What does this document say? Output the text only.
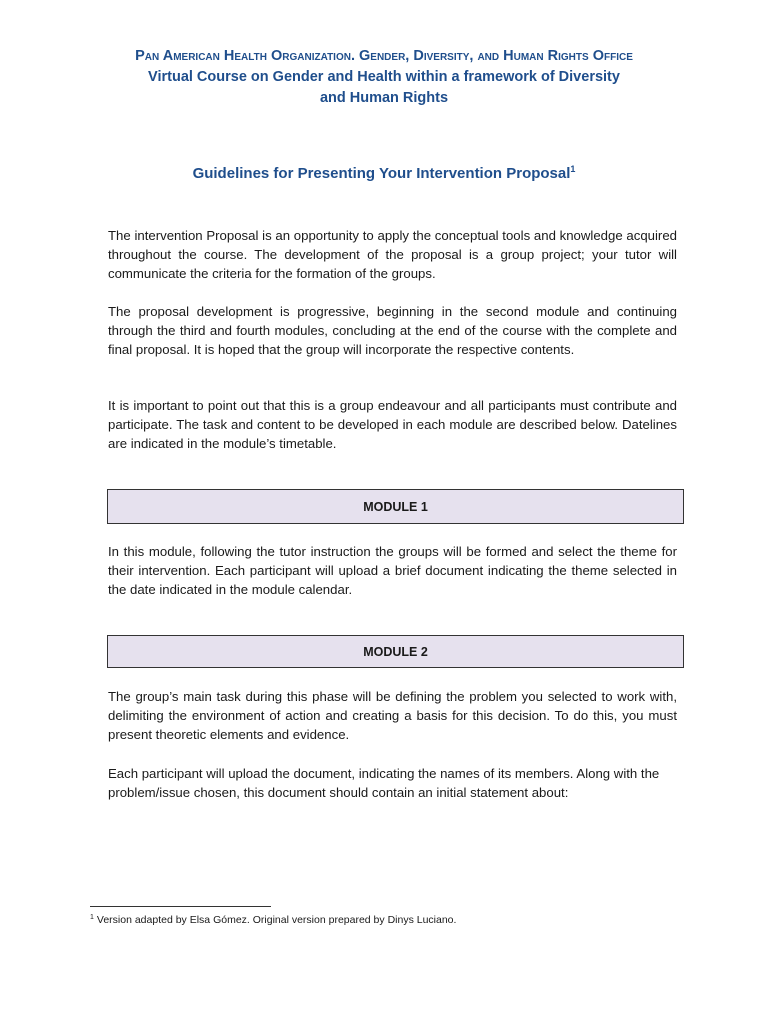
Pan American Health Organization. Gender, Diversity, and Human Rights Office
Virtual Course on Gender and Health within a framework of Diversity
and Human Rights
Guidelines for Presenting Your Intervention Proposal$^1$

The intervention Proposal is an opportunity to apply the conceptual tools and knowledge acquired throughout the course. The development of the proposal is a group project; your tutor will communicate the criteria for the formation of the groups.

The proposal development is progressive, beginning in the second module and continuing through the third and fourth modules, concluding at the end of the course with the complete and final proposal. It is hoped that the group will incorporate the respective contents.

It is important to point out that this is a group endeavour and all participants must contribute and participate. The task and content to be developed in each module are described below. Datelines are indicated in the module’s timetable.

MODULE 1

In this module, following the tutor instruction the groups will be formed and select the theme for their intervention. Each participant will upload a brief document indicating the theme selected in the date indicated in the module calendar.

MODULE 2

The group’s main task during this phase will be defining the problem you selected to work with, delimiting the environment of action and creating a basis for this decision. To do this, you must present theoretic elements and evidence.

Each participant will upload the document, indicating the names of its members. Along with the problem/issue chosen, this document should contain an initial statement about:

$^1$ Version adapted by Elsa Gómez. Original version prepared by Dinys Luciano.
